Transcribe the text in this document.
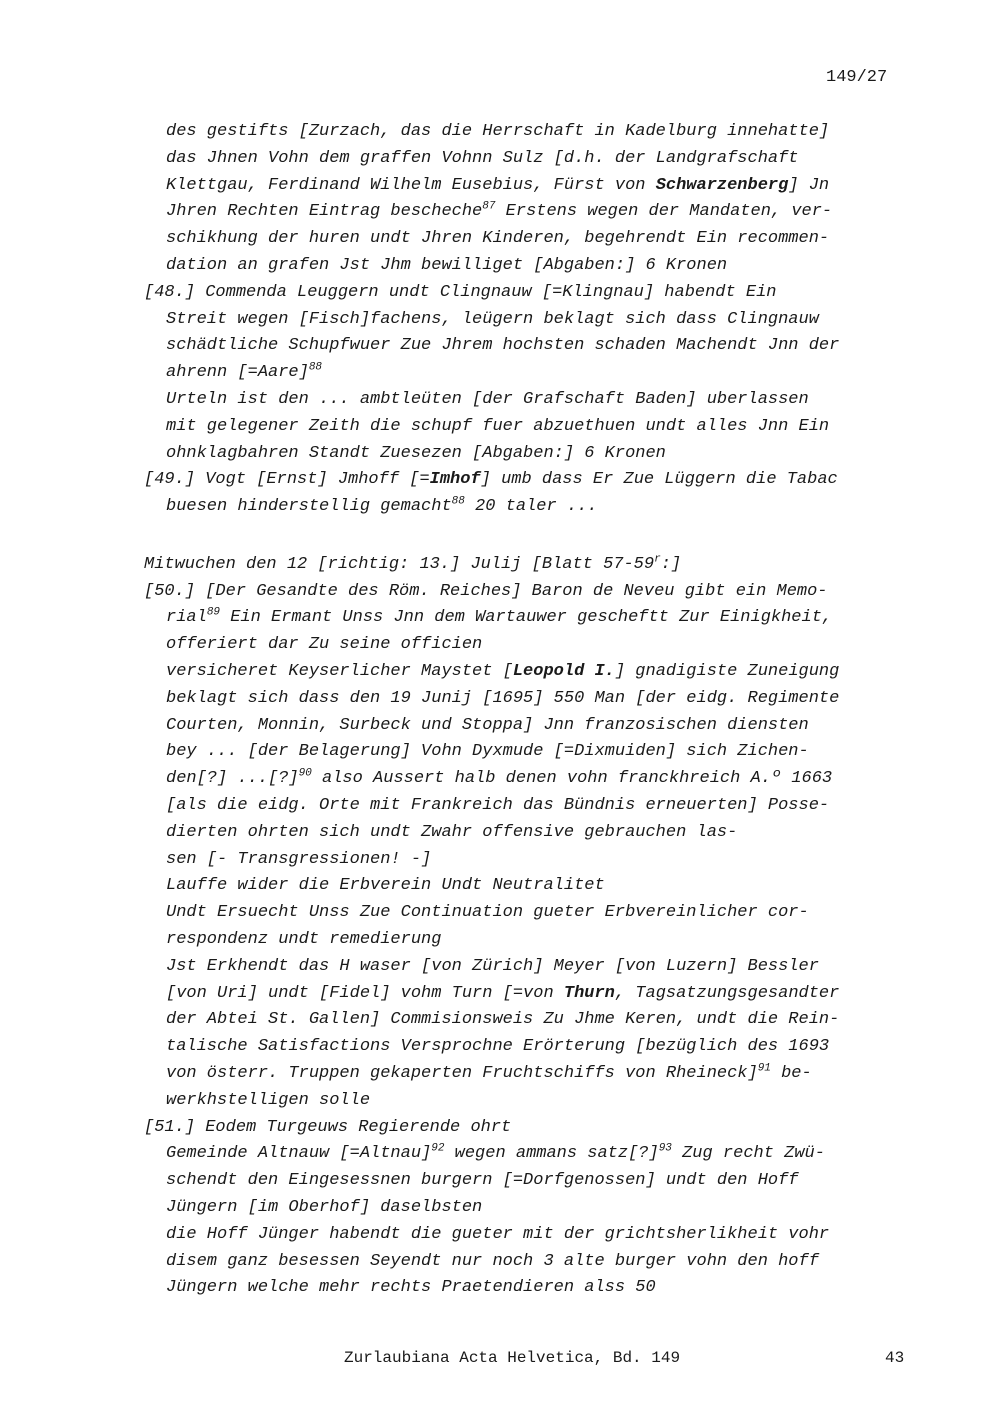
149/27
des gestifts [Zurzach, das die Herrschaft in Kadelburg innehatte]
das Jhnen Vohn dem graffen Vohnn Sulz [d.h. der Landgrafschaft
Klettgau, Ferdinand Wilhelm Eusebius, Fürst von Schwarzenberg] Jn
Jhren Rechten Eintrag bescheche$^{87}$ Erstens wegen der Mandaten, ver-
schikhung der huren undt Jhren Kinderen, begehrendt Ein recommen-
dation an grafen Jst Jhm bewilliget [Abgaben:] 6 Kronen
[48.] Commenda Leuggern undt Clingnauw [=Klingnau] habendt Ein
Streit wegen [Fisch]fachens, leügern beklagt sich dass Clingnauw
schädtliche Schupfwuer Zue Jhrem hochsten schaden Machendt Jnn der
ahrenn [=Aare]$^{88}$
Urteln ist den ... ambtleüten [der Grafschaft Baden] uberlassen
mit gelegener Zeith die schupf fuer abzuethuen undt alles Jnn Ein
ohnklagbahren Standt Zuesezen [Abgaben:] 6 Kronen
[49.] Vogt [Ernst] Jmhoff [=Imhof] umb dass Er Zue Lüggern die Tabac
buesen hinderstellig gemacht$^{88}$ 20 taler ...
Mitwuchen den 12 [richtig: 13.] Julij [Blatt 57-59$^r$:]
[50.] [Der Gesandte des Röm. Reiches] Baron de Neveu gibt ein Memo-
rial$^{89}$ Ein Ermant Unss Jnn dem Wartauwer gescheftt Zur Einigkheit,
offeriert dar Zu seine officien
versicheret Keyserlicher Maystet [Leopold I.] gnadigiste Zuneigung
beklagt sich dass den 19 Junij [1695] 550 Man [der eidg. Regimente
Courten, Monnin, Surbeck und Stoppa] Jnn franzosischen diensten
bey ... [der Belagerung] Vohn Dyxmude [=Dixmuiden] sich Zichen-
den[?] ...[?]$^{90}$ also Aussert halb denen vohn franckhreich A.º 1663
[als die eidg. Orte mit Frankreich das Bündnis erneuerten] Posse-
dierten ohrten sich undt Zwahr offensive gebrauchen las-
sen [- Transgressionen! -]
Lauffe wider die Erbverein Undt Neutralitet
Undt Ersuecht Unss Zue Continuation gueter Erbvereinlicher cor-
respondenz undt remedierung
Jst Erkhendt das H waser [von Zürich] Meyer [von Luzern] Bessler
[von Uri] undt [Fidel] vohm Turn [=von Thurn, Tagsatzungsgesandter
der Abtei St. Gallen] Commisionsweis Zu Jhme Keren, undt die Rein-
talische Satisfactions Versprochne Erörterung [bezüglich des 1693
von österr. Truppen gekaperten Fruchtschiffs von Rheineck]$^{91}$ be-
werkhstelligen solle
[51.] Eodem Turgeuws Regierende ohrt
Gemeinde Altnauw [=Altnau]$^{92}$ wegen ammans satz[?]$^{93}$ Zug recht Zwü-
schendt den Eingesessnen burgern [=Dorfgenossen] undt den Hoff
Jüngern [im Oberhof] daselbsten
die Hoff Jünger habendt die gueter mit der grichtsherlikheit vohr
disem ganz besessen Seyendt nur noch 3 alte burger vohn den hoff
Jüngern welche mehr rechts Praetendieren alss 50
Zurlaubiana Acta Helvetica, Bd. 149	43
